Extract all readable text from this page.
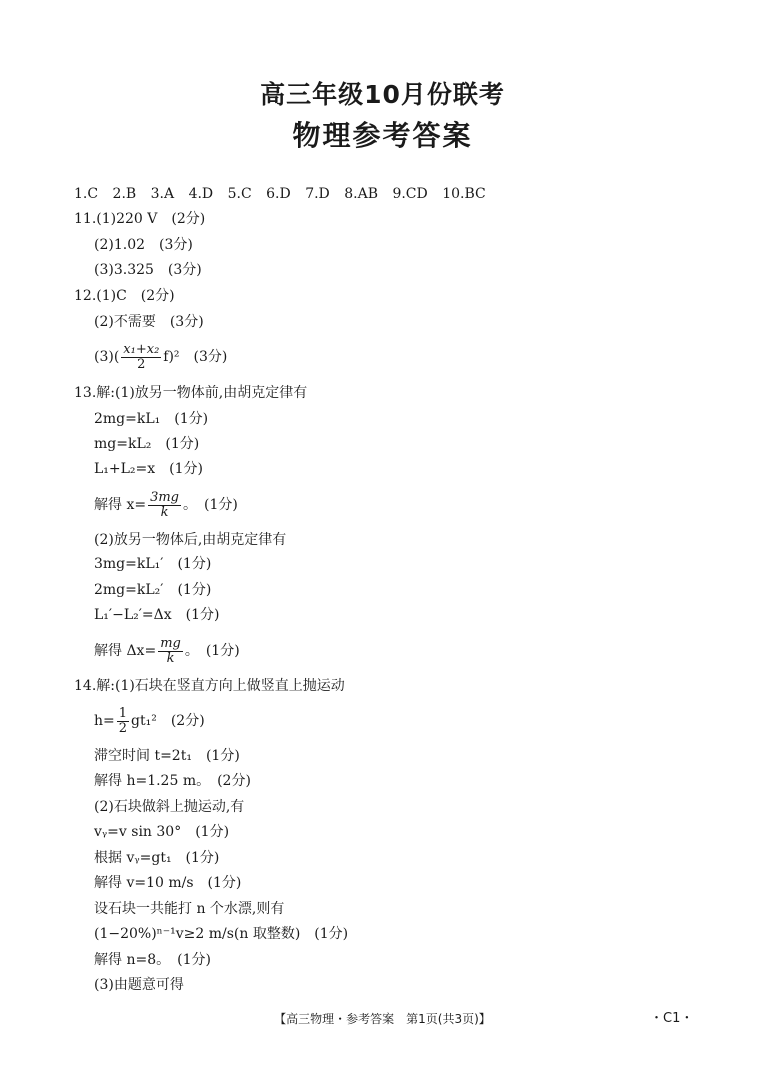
高三年级10月份联考
物理参考答案
1.C 2.B 3.A 4.D 5.C 6.D 7.D 8.AB 9.CD 10.BC
11.(1)220 V　(2分)
(2)1.02　(3分)
(3)3.325　(3分)
12.(1)C　(2分)
(2)不需要　(3分)
$(3)( \frac{\text{x₁+x₂}}{2} f)^2$　(3分)
13.解:(1)放另一物体前,由胡克定律有
2mg=kL₁　(1分)
mg=kL₂　(1分)
L₁+L₂=x　(1分)
解得 $x= \frac{3mg}{k}$ 。　(1分)
(2)放另一物体后,由胡克定律有
3mg=kL₁′　(1分)
2mg=kL₂′　(1分)
L₁′−L₂′=Δx　(1分)
解得 $\Delta x= \frac{mg}{k}$ 。　(1分)
14.解:(1)石块在竖直方向上做竖直上抛运动
$h= \frac{1}{2} gt_1^2$　(2分)
滞空时间 t=2t₁　(1分)
解得 h=1.25 m。　(2分)
(2)石块做斜上抛运动,有
vᵧ=v sin 30°　(1分)
根据 vᵧ=gt₁　(1分)
解得 v=10 m/s　(1分)
设石块一共能打 n 个水漂,则有
(1−20%)ⁿ⁻¹v≥2 m/s(n 取整数)　(1分)
解得 n=8。　(1分)
(3)由题意可得
【高三物理・参考答案　第1页(共3页)】	・C1・
